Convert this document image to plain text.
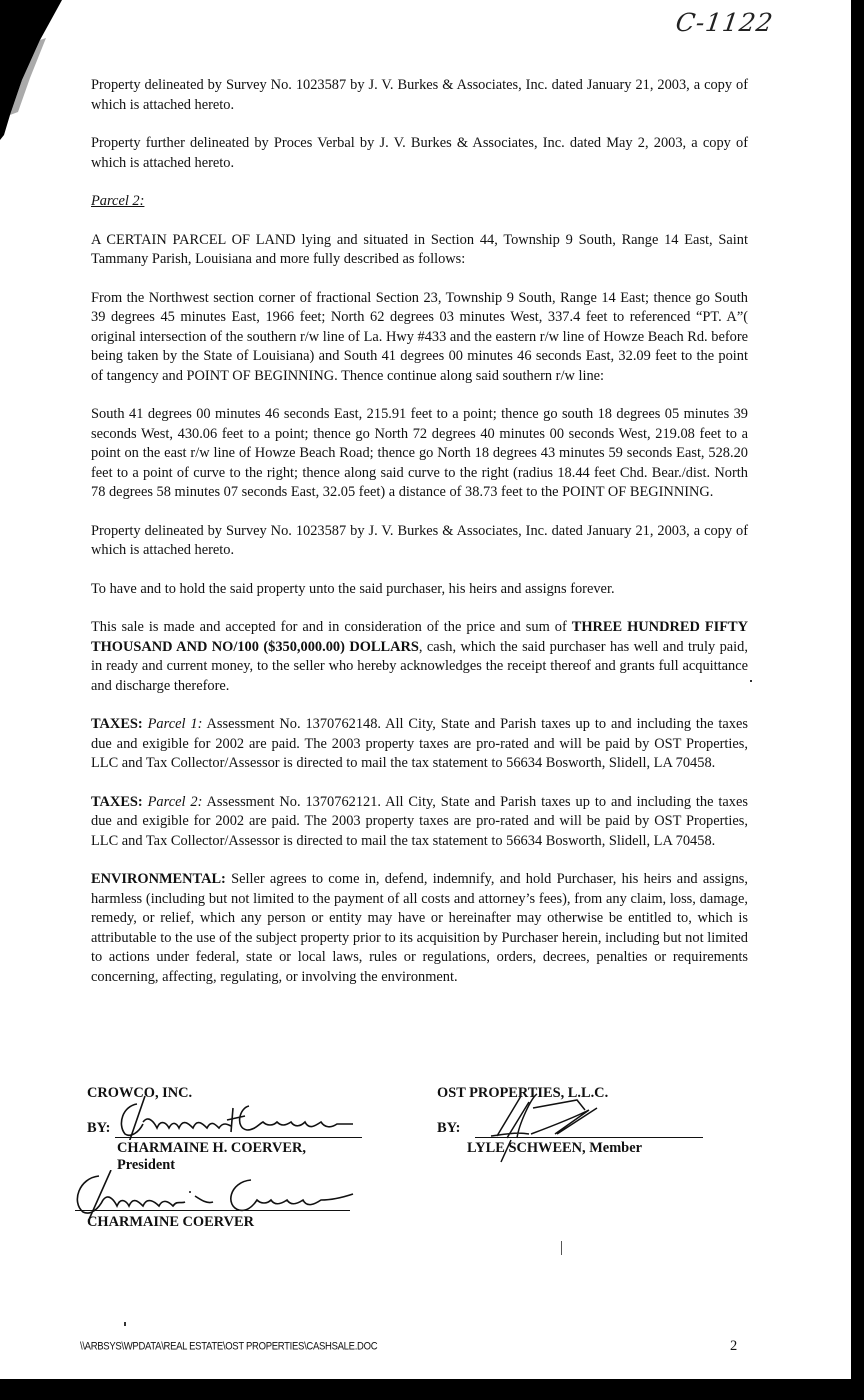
C-1122

Property delineated by Survey No. 1023587 by J. V. Burkes & Associates, Inc. dated January 21, 2003, a copy of which is attached hereto.

Property further delineated by Proces Verbal by J. V. Burkes & Associates, Inc. dated May 2, 2003, a copy of which is attached hereto.

Parcel 2:

A CERTAIN PARCEL OF LAND lying and situated in Section 44, Township 9 South, Range 14 East, Saint Tammany Parish, Louisiana and more fully described as follows:

From the Northwest section corner of fractional Section 23, Township 9 South, Range 14 East; thence go South 39 degrees 45 minutes East, 1966 feet; North 62 degrees 03 minutes West, 337.4 feet to referenced “PT. A”( original intersection of the southern r/w line of La. Hwy #433 and the eastern r/w line of Howze Beach Rd. before being taken by the State of Louisiana) and South 41 degrees 00 minutes 46 seconds East, 32.09 feet to the point of tangency and POINT OF BEGINNING. Thence continue along said southern r/w line:

South 41 degrees 00 minutes 46 seconds East, 215.91 feet to a point; thence go south 18 degrees 05 minutes 39 seconds West, 430.06 feet to a point; thence go North 72 degrees 40 minutes 00 seconds West, 219.08 feet to a point on the east r/w line of Howze Beach Road; thence go North 18 degrees 43 minutes 59 seconds East, 528.20 feet to a point of curve to the right; thence along said curve to the right (radius 18.44 feet Chd. Bear./dist. North 78 degrees 58 minutes 07 seconds East, 32.05 feet) a distance of 38.73 feet to the POINT OF BEGINNING.

Property delineated by Survey No. 1023587 by J. V. Burkes & Associates, Inc. dated January 21, 2003, a copy of which is attached hereto.

To have and to hold the said property unto the said purchaser, his heirs and assigns forever.

This sale is made and accepted for and in consideration of the price and sum of THREE HUNDRED FIFTY THOUSAND AND NO/100 ($350,000.00) DOLLARS, cash, which the said purchaser has well and truly paid, in ready and current money, to the seller who hereby acknowledges the receipt thereof and grants full acquittance and discharge therefore.

TAXES: Parcel 1: Assessment No. 1370762148. All City, State and Parish taxes up to and including the taxes due and exigible for 2002 are paid. The 2003 property taxes are pro-rated and will be paid by OST Properties, LLC and Tax Collector/Assessor is directed to mail the tax statement to 56634 Bosworth, Slidell, LA 70458.

TAXES: Parcel 2: Assessment No. 1370762121. All City, State and Parish taxes up to and including the taxes due and exigible for 2002 are paid. The 2003 property taxes are pro-rated and will be paid by OST Properties, LLC and Tax Collector/Assessor is directed to mail the tax statement to 56634 Bosworth, Slidell, LA 70458.

ENVIRONMENTAL: Seller agrees to come in, defend, indemnify, and hold Purchaser, his heirs and assigns, harmless (including but not limited to the payment of all costs and attorney’s fees), from any claim, loss, damage, remedy, or relief, which any person or entity may have or hereinafter may otherwise be entitled to, which is attributable to the use of the subject property prior to its acquisition by Purchaser herein, including but not limited to actions under federal, state or local laws, rules or regulations, orders, decrees, penalties or requirements concerning, affecting, regulating, or involving the environment.

CROWCO, INC.
BY:
CHARMAINE H. COERVER,
President
CHARMAINE COERVER
OST PROPERTIES, L.L.C.
BY:
LYLE SCHWEEN, Member
\\ARBSYS\WPDATA\REAL ESTATE\OST PROPERTIES\CASHSALE.DOC	2
